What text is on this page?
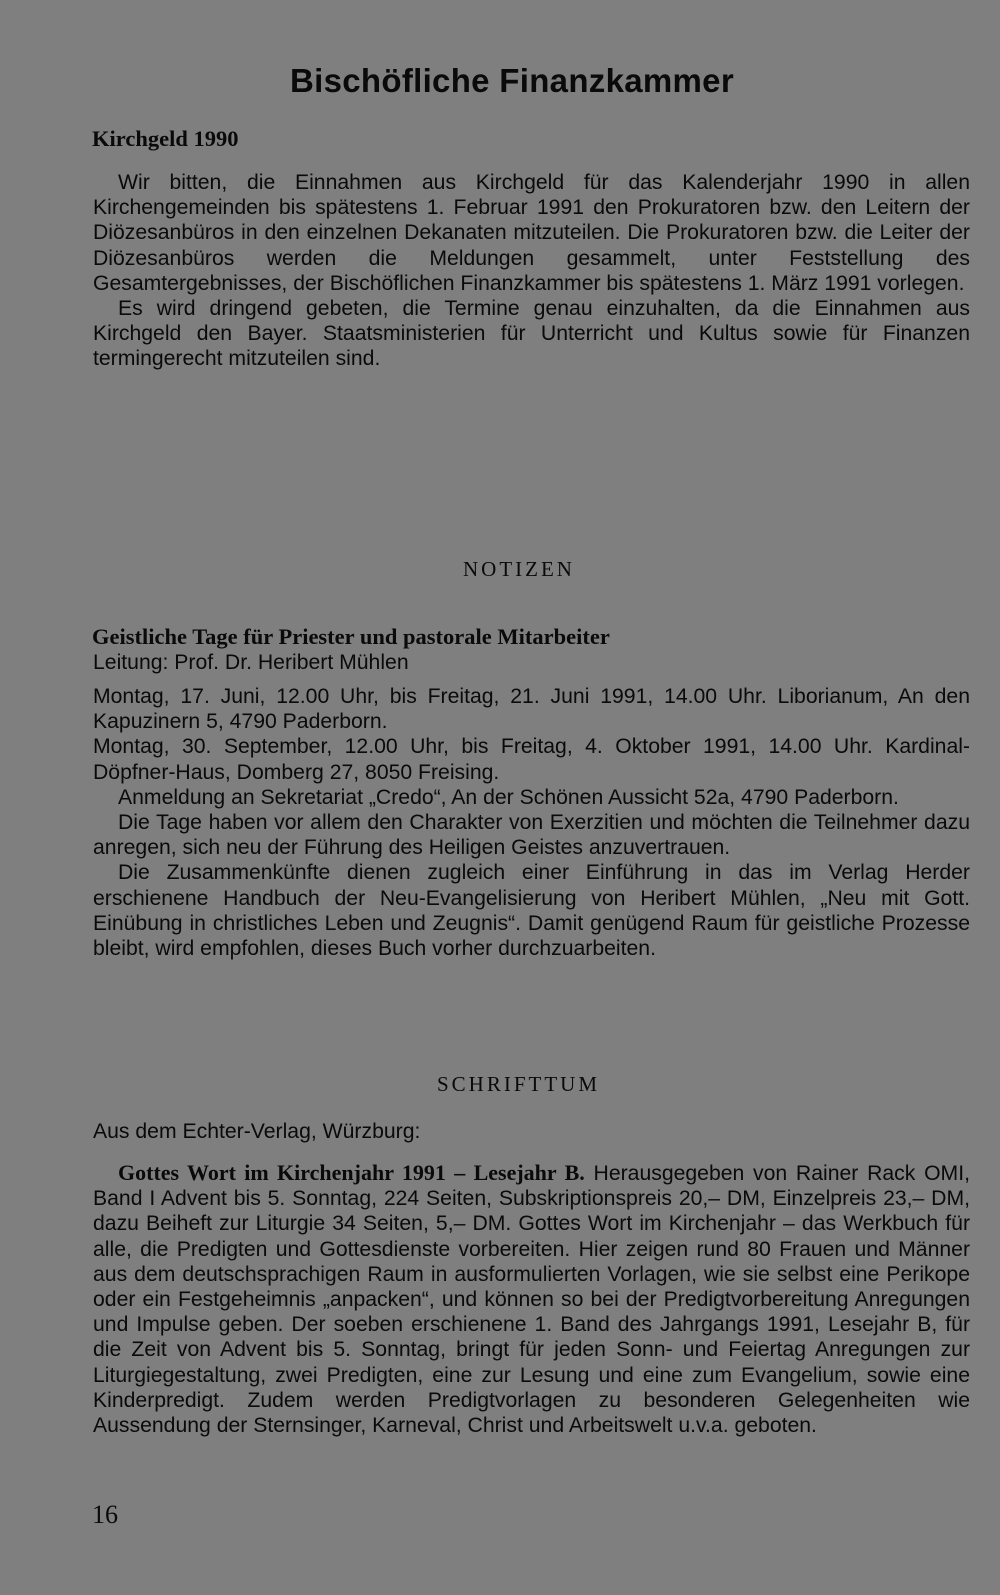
Bischöfliche Finanzkammer
Kirchgeld 1990

Wir bitten, die Einnahmen aus Kirchgeld für das Kalenderjahr 1990 in allen Kirchengemeinden bis spätestens 1. Februar 1991 den Prokuratoren bzw. den Leitern der Diözesanbüros in den einzelnen Dekanaten mitzuteilen. Die Prokuratoren bzw. die Leiter der Diözesanbüros werden die Meldungen gesammelt, unter Feststellung des Gesamtergebnisses, der Bischöflichen Finanzkammer bis spätestens 1. März 1991 vorlegen.

Es wird dringend gebeten, die Termine genau einzuhalten, da die Einnahmen aus Kirchgeld den Bayer. Staatsministerien für Unterricht und Kultus sowie für Finanzen termingerecht mitzuteilen sind.

NOTIZEN
Geistliche Tage für Priester und pastorale Mitarbeiter
Leitung: Prof. Dr. Heribert Mühlen

Montag, 17. Juni, 12.00 Uhr, bis Freitag, 21. Juni 1991, 14.00 Uhr. Liborianum, An den Kapuzinern 5, 4790 Paderborn.

Montag, 30. September, 12.00 Uhr, bis Freitag, 4. Oktober 1991, 14.00 Uhr. Kardinal-Döpfner-Haus, Domberg 27, 8050 Freising.

Anmeldung an Sekretariat „Credo“, An der Schönen Aussicht 52a, 4790 Paderborn.

Die Tage haben vor allem den Charakter von Exerzitien und möchten die Teilnehmer dazu anregen, sich neu der Führung des Heiligen Geistes anzuvertrauen.

Die Zusammenkünfte dienen zugleich einer Einführung in das im Verlag Herder erschienene Handbuch der Neu-Evangelisierung von Heribert Mühlen, „Neu mit Gott. Einübung in christliches Leben und Zeugnis“. Damit genügend Raum für geistliche Prozesse bleibt, wird empfohlen, dieses Buch vorher durchzuarbeiten.

SCHRIFTTUM
Aus dem Echter-Verlag, Würzburg:

Gottes Wort im Kirchenjahr 1991 – Lesejahr B. Herausgegeben von Rainer Rack OMI, Band I Advent bis 5. Sonntag, 224 Seiten, Subskriptionspreis 20,– DM, Einzelpreis 23,– DM, dazu Beiheft zur Liturgie 34 Seiten, 5,– DM. Gottes Wort im Kirchenjahr – das Werkbuch für alle, die Predigten und Gottesdienste vorbereiten. Hier zeigen rund 80 Frauen und Männer aus dem deutschsprachigen Raum in ausformulierten Vorlagen, wie sie selbst eine Perikope oder ein Festgeheimnis „anpacken“, und können so bei der Predigtvorbereitung Anregungen und Impulse geben. Der soeben erschienene 1. Band des Jahrgangs 1991, Lesejahr B, für die Zeit von Advent bis 5. Sonntag, bringt für jeden Sonn- und Feiertag Anregungen zur Liturgiegestaltung, zwei Predigten, eine zur Lesung und eine zum Evangelium, sowie eine Kinderpredigt. Zudem werden Predigtvorlagen zu besonderen Gelegenheiten wie Aussendung der Sternsinger, Karneval, Christ und Arbeitswelt u.v.a. geboten.

16
